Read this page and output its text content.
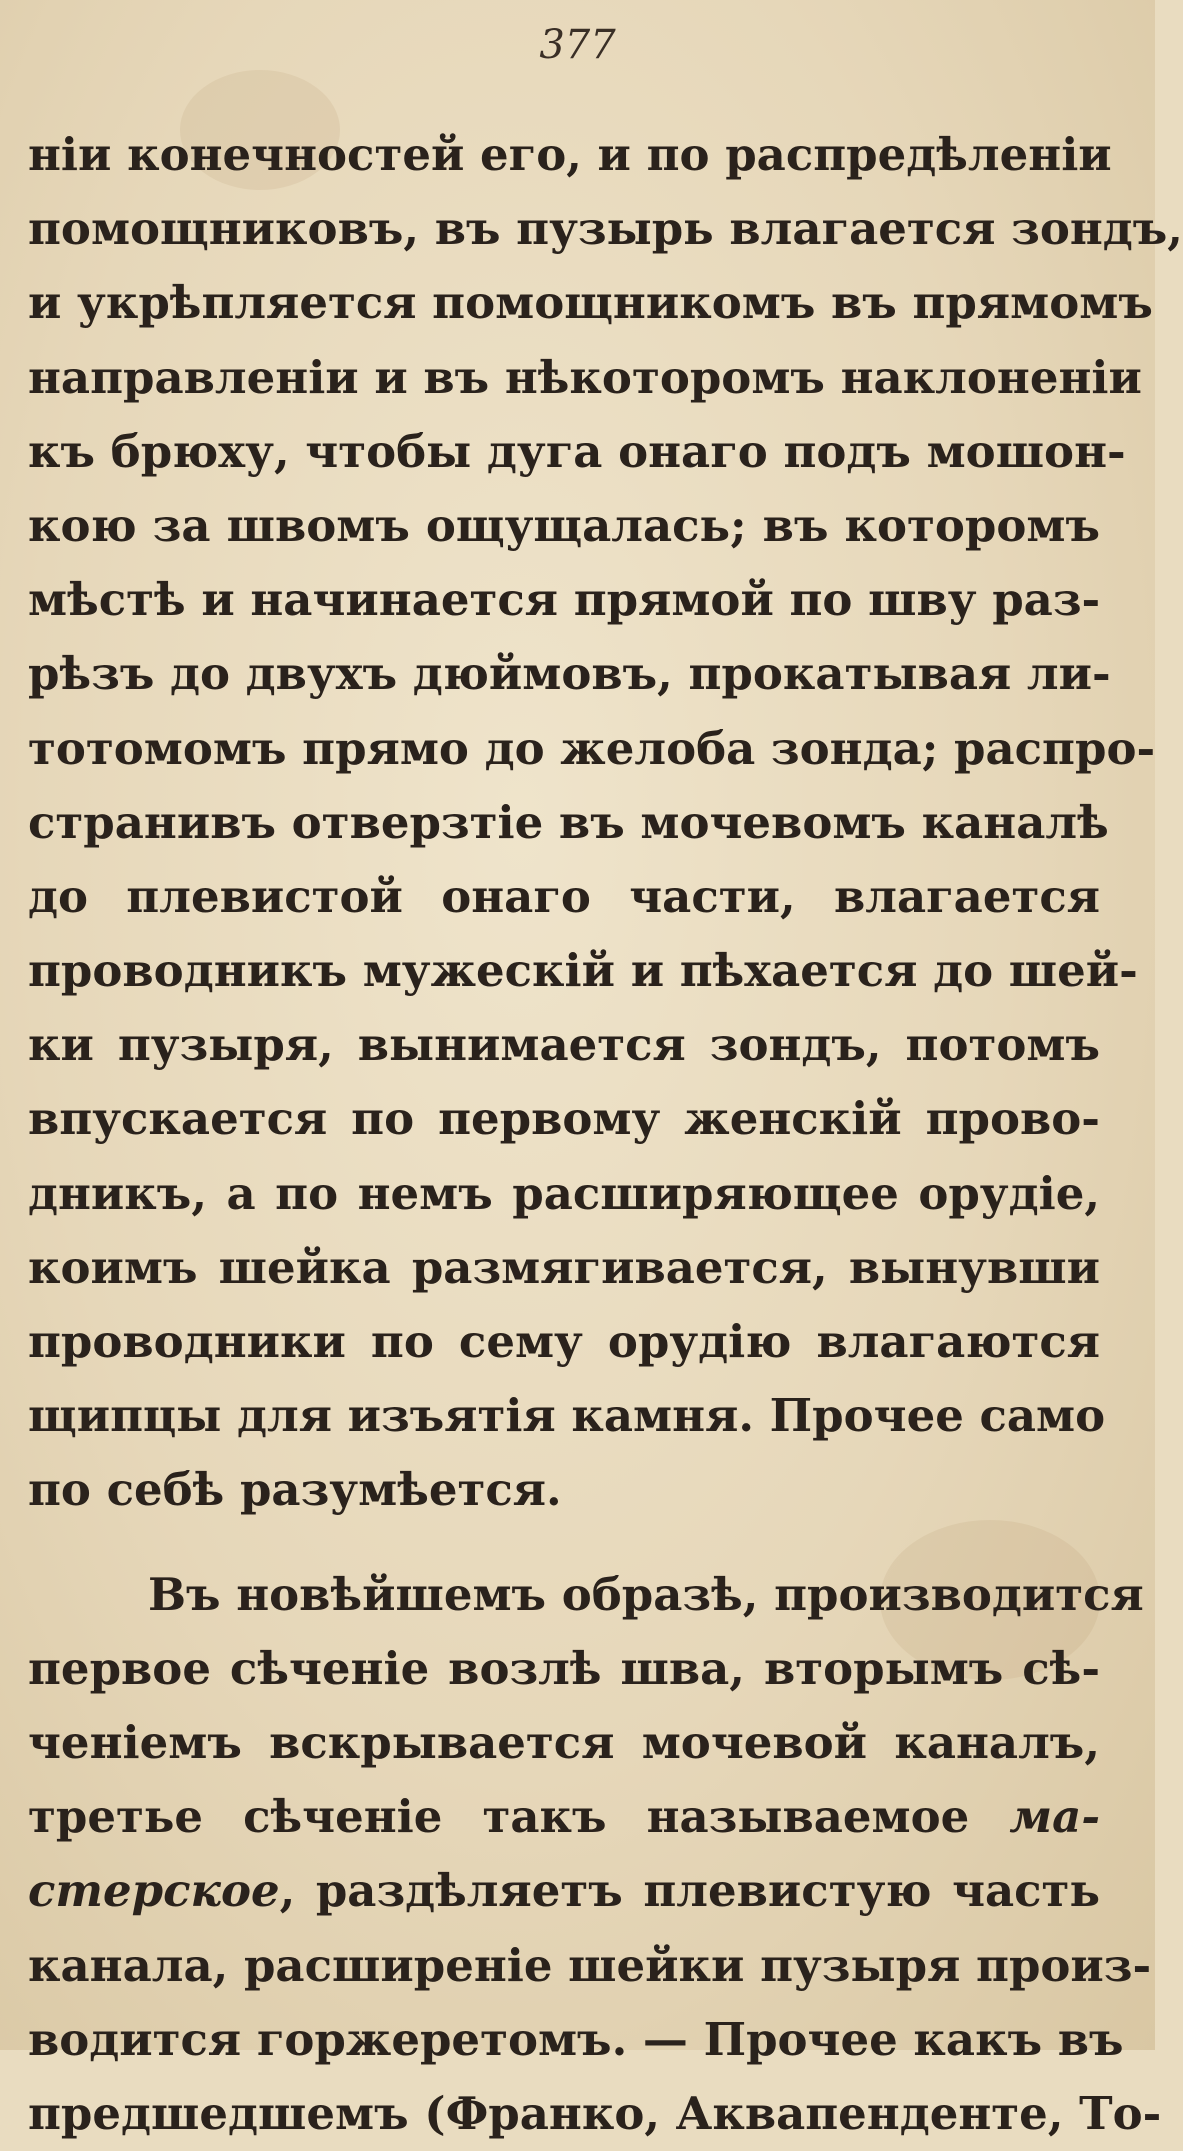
377
нiи конечностей его, и по распредѣленiи
помощниковъ, въ пузырь влагается зондъ,
и укрѣпляется помощникомъ въ прямомъ
направленiи и въ нѣкоторомъ наклоненiи
къ брюху, чтобы дуга онаго подъ мошон-
кою за швомъ ощущалась; въ которомъ
мѣстѣ и начинается прямой по шву раз-
рѣзъ до двухъ дюймовъ, прокатывая ли-
тотомомъ прямо до желоба зонда; распро-
странивъ отверзтiе въ мочевомъ каналѣ
до плевистой онаго части, влагается
проводникъ мужескiй и пѣхается до шей-
ки пузыря, вынимается зондъ, потомъ
впускается по первому женскiй прово-
дникъ, а по немъ расширяющее орудiе,
коимъ шейка размягивается, вынувши
проводники по сему орудiю влагаются
щипцы для изъятiя камня. Прочее само
по себѣ разумѣется.
Въ новѣйшемъ образѣ, производится
первое сѣченiе возлѣ шва, вторымъ сѣ-
ченiемъ вскрывается мочевой каналъ,
третье сѣченiе такъ называемое ма-
стерское, раздѣляетъ плевистую часть
канала, расширенiе шейки пузыря произ-
водится горжеретомъ. — Прочее какъ въ
предшедшемъ (Франко, Аквапенденте, То-
